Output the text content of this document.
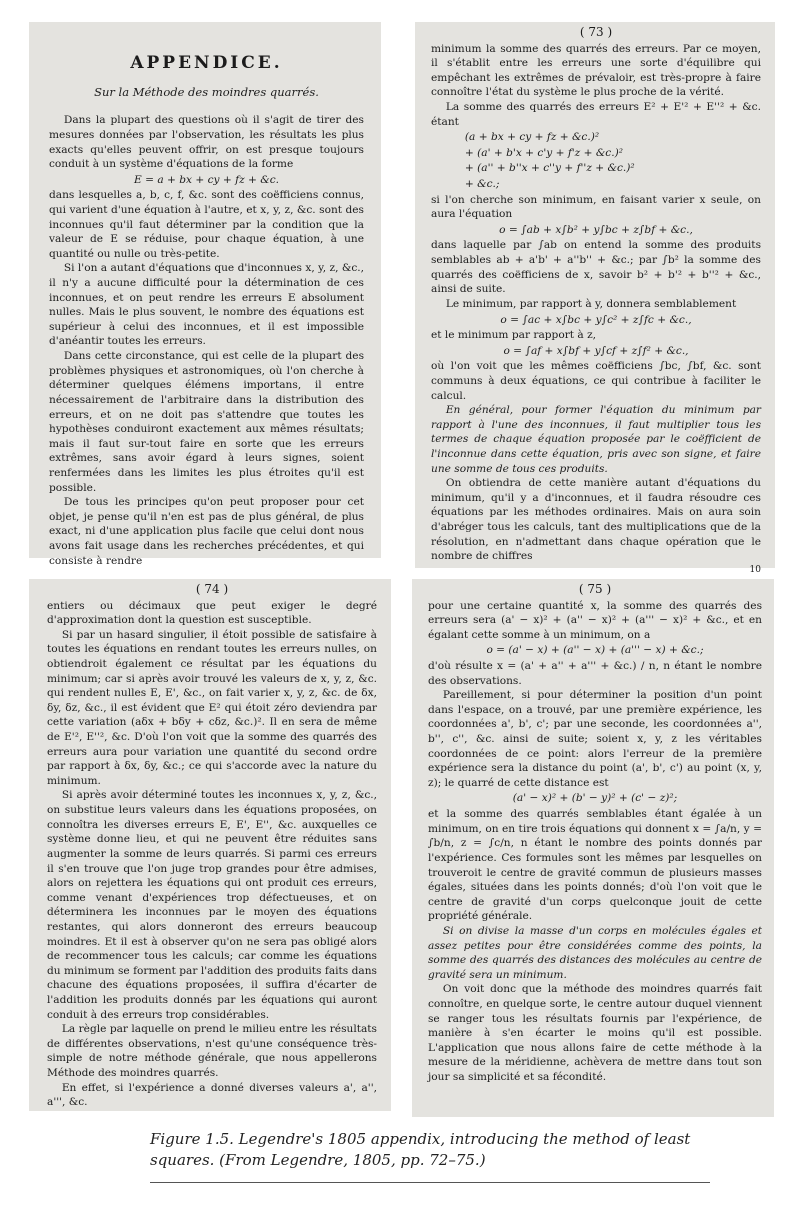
APPENDICE.
Sur la Méthode des moindres quarrés.

Dans la plupart des questions où il s'agit de tirer des mesures données par l'observation, les résultats les plus exacts qu'elles peuvent offrir, on est presque toujours conduit à un système d'équations de la forme

E = a + bx + cy + fz + &c.

dans lesquelles a, b, c, f, &c. sont des coëfficiens connus, qui varient d'une équation à l'autre, et x, y, z, &c. sont des inconnues qu'il faut déterminer par la condition que la valeur de E se réduise, pour chaque équation, à une quantité ou nulle ou très-petite.

Si l'on a autant d'équations que d'inconnues x, y, z, &c., il n'y a aucune difficulté pour la détermination de ces inconnues, et on peut rendre les erreurs E absolument nulles. Mais le plus souvent, le nombre des équations est supérieur à celui des inconnues, et il est impossible d'anéantir toutes les erreurs.

Dans cette circonstance, qui est celle de la plupart des problèmes physiques et astronomiques, où l'on cherche à déterminer quelques élémens importans, il entre nécessairement de l'arbitraire dans la distribution des erreurs, et on ne doit pas s'attendre que toutes les hypothèses conduiront exactement aux mêmes résultats; mais il faut sur-tout faire en sorte que les erreurs extrêmes, sans avoir égard à leurs signes, soient renfermées dans les limites les plus étroites qu'il est possible.

De tous les principes qu'on peut proposer pour cet objet, je pense qu'il n'en est pas de plus général, de plus exact, ni d'une application plus facile que celui dont nous avons fait usage dans les recherches précédentes, et qui consiste à rendre

( 73 )

minimum la somme des quarrés des erreurs. Par ce moyen, il s'établit entre les erreurs une sorte d'équilibre qui empêchant les extrêmes de prévaloir, est très-propre à faire connoître l'état du système le plus proche de la vérité.

La somme des quarrés des erreurs E² + E'² + E''² + &c. étant

(a + bx + cy + fz + &c.)²
+ (a' + b'x + c'y + f'z + &c.)²
+ (a'' + b''x + c''y + f''z + &c.)²
+ &c.;

si l'on cherche son minimum, en faisant varier x seule, on aura l'équation

o = ∫ab + x∫b² + y∫bc + z∫bf + &c.,

dans laquelle par ∫ab on entend la somme des produits semblables ab + a'b' + a''b'' + &c.; par ∫b² la somme des quarrés des coëfficiens de x, savoir b² + b'² + b''² + &c., ainsi de suite.

Le minimum, par rapport à y, donnera semblablement

o = ∫ac + x∫bc + y∫c² + z∫fc + &c.,

et le minimum par rapport à z,

o = ∫af + x∫bf + y∫cf + z∫f² + &c.,

où l'on voit que les mêmes coëfficiens ∫bc, ∫bf, &c. sont communs à deux équations, ce qui contribue à faciliter le calcul.

En général, pour former l'équation du minimum par rapport à l'une des inconnues, il faut multiplier tous les termes de chaque équation proposée par le coëfficient de l'inconnue dans cette équation, pris avec son signe, et faire une somme de tous ces produits.

On obtiendra de cette manière autant d'équations du minimum, qu'il y a d'inconnues, et il faudra résoudre ces équations par les méthodes ordinaires. Mais on aura soin d'abréger tous les calculs, tant des multiplications que de la résolution, en n'admettant dans chaque opération que le nombre de chiffres

10
( 74 )

entiers ou décimaux que peut exiger le degré d'approximation dont la question est susceptible.

Si par un hasard singulier, il étoit possible de satisfaire à toutes les équations en rendant toutes les erreurs nulles, on obtiendroit également ce résultat par les équations du minimum; car si après avoir trouvé les valeurs de x, y, z, &c. qui rendent nulles E, E', &c., on fait varier x, y, z, &c. de δx, δy, δz, &c., il est évident que E² qui étoit zéro deviendra par cette variation (aδx + bδy + cδz, &c.)². Il en sera de même de E'², E''², &c. D'où l'on voit que la somme des quarrés des erreurs aura pour variation une quantité du second ordre par rapport à δx, δy, &c.; ce qui s'accorde avec la nature du minimum.

Si après avoir déterminé toutes les inconnues x, y, z, &c., on substitue leurs valeurs dans les équations proposées, on connoîtra les diverses erreurs E, E', E'', &c. auxquelles ce système donne lieu, et qui ne peuvent être réduites sans augmenter la somme de leurs quarrés. Si parmi ces erreurs il s'en trouve que l'on juge trop grandes pour être admises, alors on rejettera les équations qui ont produit ces erreurs, comme venant d'expériences trop défectueuses, et on déterminera les inconnues par le moyen des équations restantes, qui alors donneront des erreurs beaucoup moindres. Et il est à observer qu'on ne sera pas obligé alors de recommencer tous les calculs; car comme les équations du minimum se forment par l'addition des produits faits dans chacune des équations proposées, il suffira d'écarter de l'addition les produits donnés par les équations qui auront conduit à des erreurs trop considérables.

La règle par laquelle on prend le milieu entre les résultats de différentes observations, n'est qu'une conséquence très-simple de notre méthode générale, que nous appellerons Méthode des moindres quarrés.

En effet, si l'expérience a donné diverses valeurs a', a'', a''', &c.

( 75 )

pour une certaine quantité x, la somme des quarrés des erreurs sera (a' − x)² + (a'' − x)² + (a''' − x)² + &c., et en égalant cette somme à un minimum, on a

o = (a' − x) + (a'' − x) + (a''' − x) + &c.;

d'où résulte x = (a' + a'' + a''' + &c.) / n, n étant le nombre des observations.

Pareillement, si pour déterminer la position d'un point dans l'espace, on a trouvé, par une première expérience, les coordonnées a', b', c'; par une seconde, les coordonnées a'', b'', c'', &c. ainsi de suite; soient x, y, z les véritables coordonnées de ce point: alors l'erreur de la première expérience sera la distance du point (a', b', c') au point (x, y, z); le quarré de cette distance est

(a' − x)² + (b' − y)² + (c' − z)²;

et la somme des quarrés semblables étant égalée à un minimum, on en tire trois équations qui donnent x = ∫a/n, y = ∫b/n, z = ∫c/n, n étant le nombre des points donnés par l'expérience. Ces formules sont les mêmes par lesquelles on trouveroit le centre de gravité commun de plusieurs masses égales, situées dans les points donnés; d'où l'on voit que le centre de gravité d'un corps quelconque jouit de cette propriété générale.

Si on divise la masse d'un corps en molécules égales et assez petites pour être considérées comme des points, la somme des quarrés des distances des molécules au centre de gravité sera un minimum.

On voit donc que la méthode des moindres quarrés fait connoître, en quelque sorte, le centre autour duquel viennent se ranger tous les résultats fournis par l'expérience, de manière à s'en écarter le moins qu'il est possible. L'application que nous allons faire de cette méthode à la mesure de la méridienne, achèvera de mettre dans tout son jour sa simplicité et sa fécondité.

Figure 1.5. Legendre's 1805 appendix, introducing the method of least squares. (From Legendre, 1805, pp. 72–75.)
